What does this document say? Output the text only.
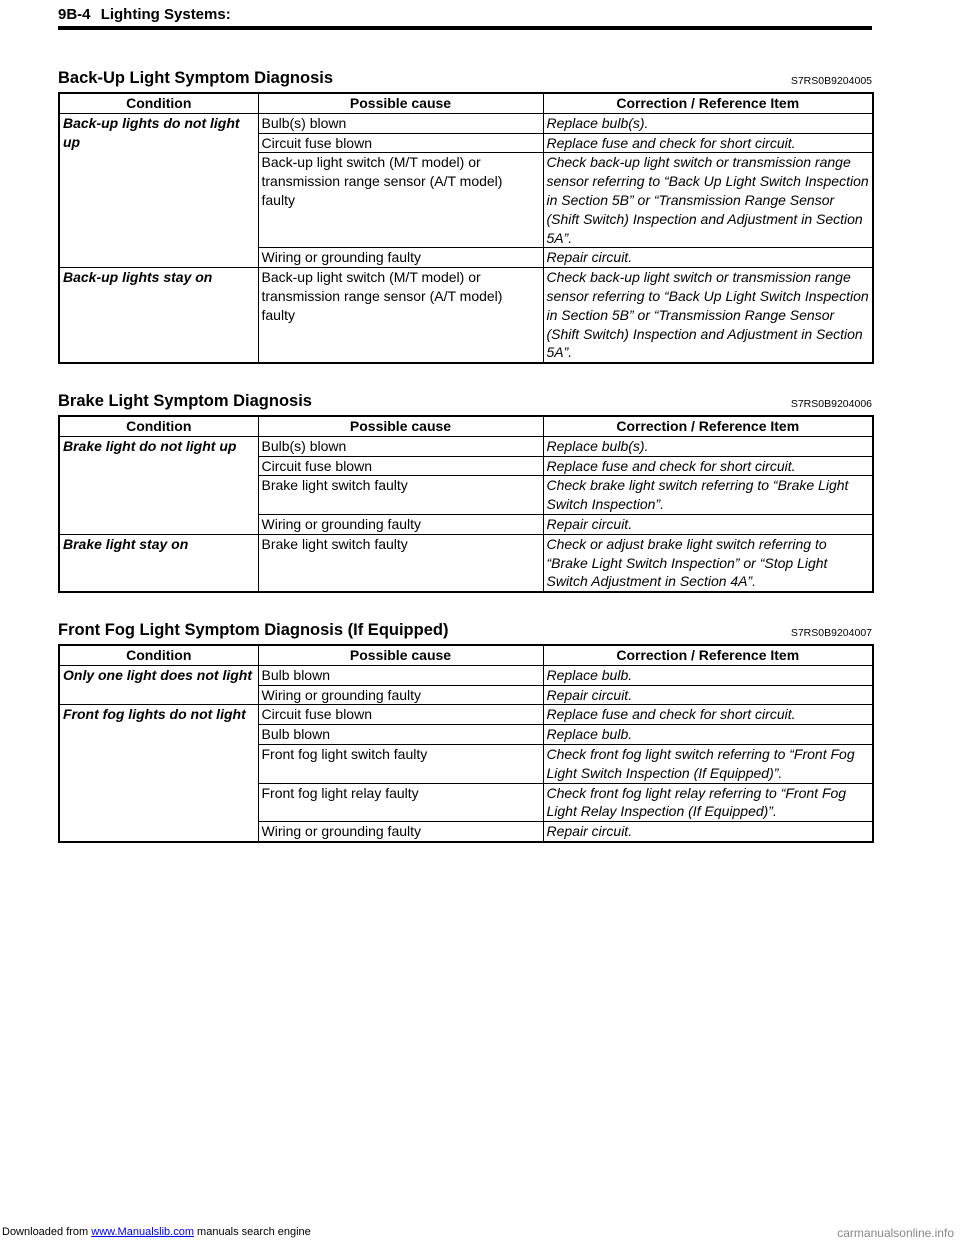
9B-4 Lighting Systems:
Back-Up Light Symptom Diagnosis	S7RS0B9204005
Condition	Possible cause	Correction / Reference Item
Back-up lights do not light up	Bulb(s) blown	Replace bulb(s).
	Circuit fuse blown	Replace fuse and check for short circuit.
	Back-up light switch (M/T model) or transmission range sensor (A/T model) faulty	Check back-up light switch or transmission range sensor referring to “Back Up Light Switch Inspection in Section 5B” or “Transmission Range Sensor (Shift Switch) Inspection and Adjustment in Section 5A”.
	Wiring or grounding faulty	Repair circuit.
Back-up lights stay on	Back-up light switch (M/T model) or transmission range sensor (A/T model) faulty	Check back-up light switch or transmission range sensor referring to “Back Up Light Switch Inspection in Section 5B” or “Transmission Range Sensor (Shift Switch) Inspection and Adjustment in Section 5A”.
Brake Light Symptom Diagnosis	S7RS0B9204006
Condition	Possible cause	Correction / Reference Item
Brake light do not light up	Bulb(s) blown	Replace bulb(s).
	Circuit fuse blown	Replace fuse and check for short circuit.
	Brake light switch faulty	Check brake light switch referring to “Brake Light Switch Inspection”.
	Wiring or grounding faulty	Repair circuit.
Brake light stay on	Brake light switch faulty	Check or adjust brake light switch referring to “Brake Light Switch Inspection” or “Stop Light Switch Adjustment in Section 4A”.
Front Fog Light Symptom Diagnosis (If Equipped)	S7RS0B9204007
Condition	Possible cause	Correction / Reference Item
Only one light does not light	Bulb blown	Replace bulb.
	Wiring or grounding faulty	Repair circuit.
Front fog lights do not light	Circuit fuse blown	Replace fuse and check for short circuit.
	Bulb blown	Replace bulb.
	Front fog light switch faulty	Check front fog light switch referring to “Front Fog Light Switch Inspection (If Equipped)”.
	Front fog light relay faulty	Check front fog light relay referring to “Front Fog Light Relay Inspection (If Equipped)”.
	Wiring or grounding faulty	Repair circuit.
Downloaded from www.Manualslib.com manuals search engine	carmanualsonline.info
